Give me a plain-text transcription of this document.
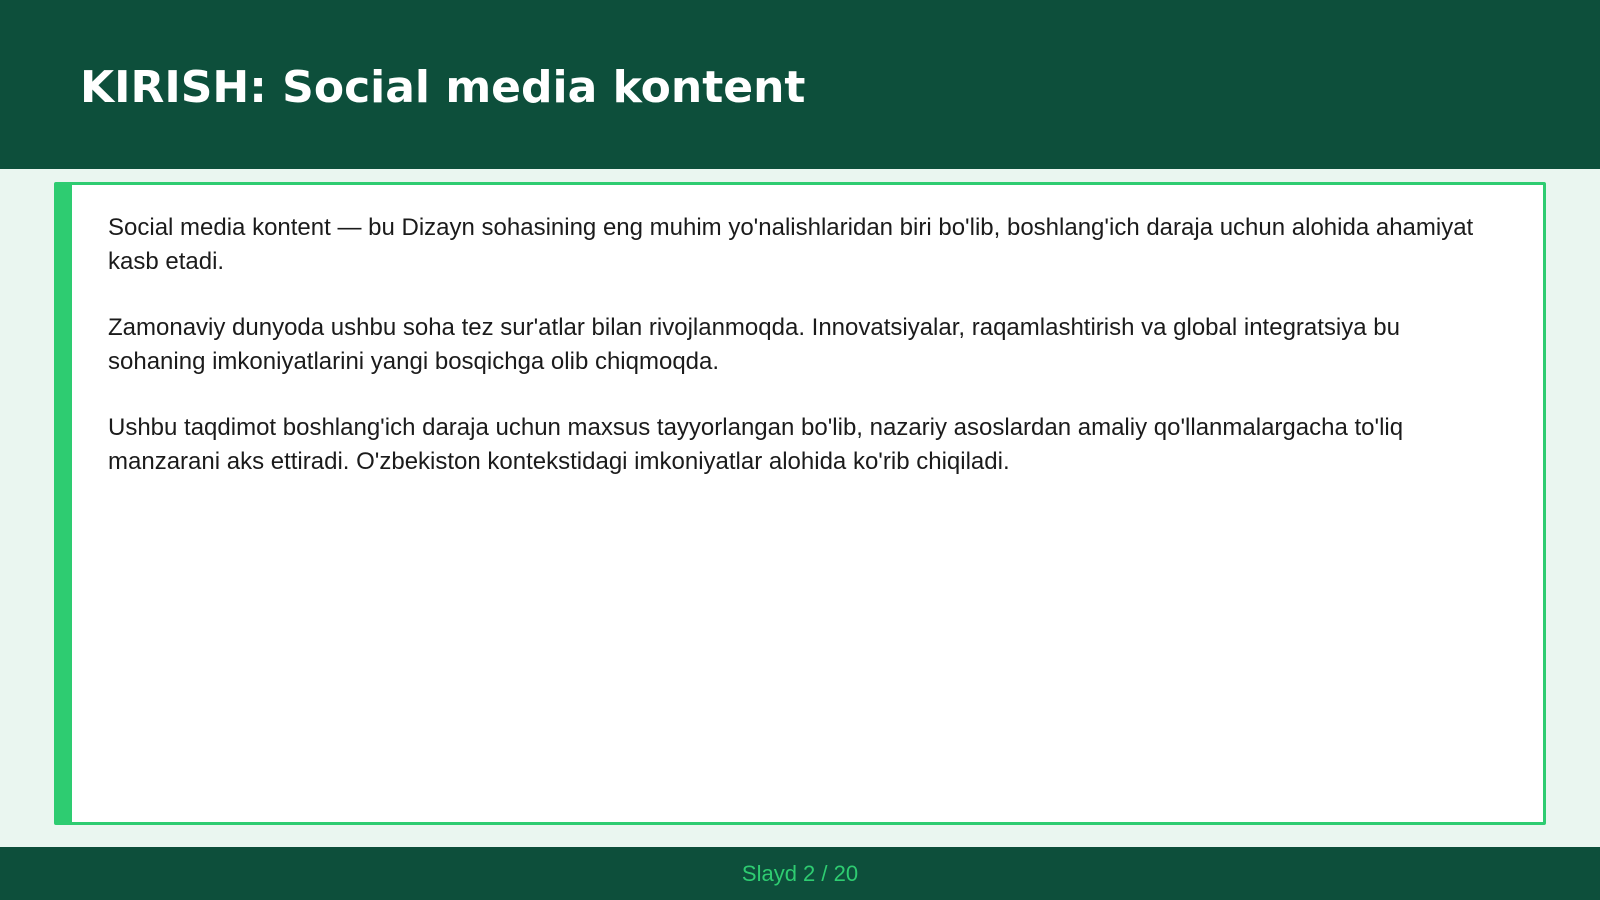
KIRISH: Social media kontent

Social media kontent — bu Dizayn sohasining eng muhim yo'nalishlaridan biri bo'lib, boshlang'ich daraja uchun alohida ahamiyat kasb etadi.

Zamonaviy dunyoda ushbu soha tez sur'atlar bilan rivojlanmoqda. Innovatsiyalar, raqamlashtirish va global integratsiya bu sohaning imkoniyatlarini yangi bosqichga olib chiqmoqda.

Ushbu taqdimot boshlang'ich daraja uchun maxsus tayyorlangan bo'lib, nazariy asoslardan amaliy qo'llanmalargacha to'liq manzarani aks ettiradi. O'zbekiston kontekstidagi imkoniyatlar alohida ko'rib chiqiladi.

Slayd 2 / 20
